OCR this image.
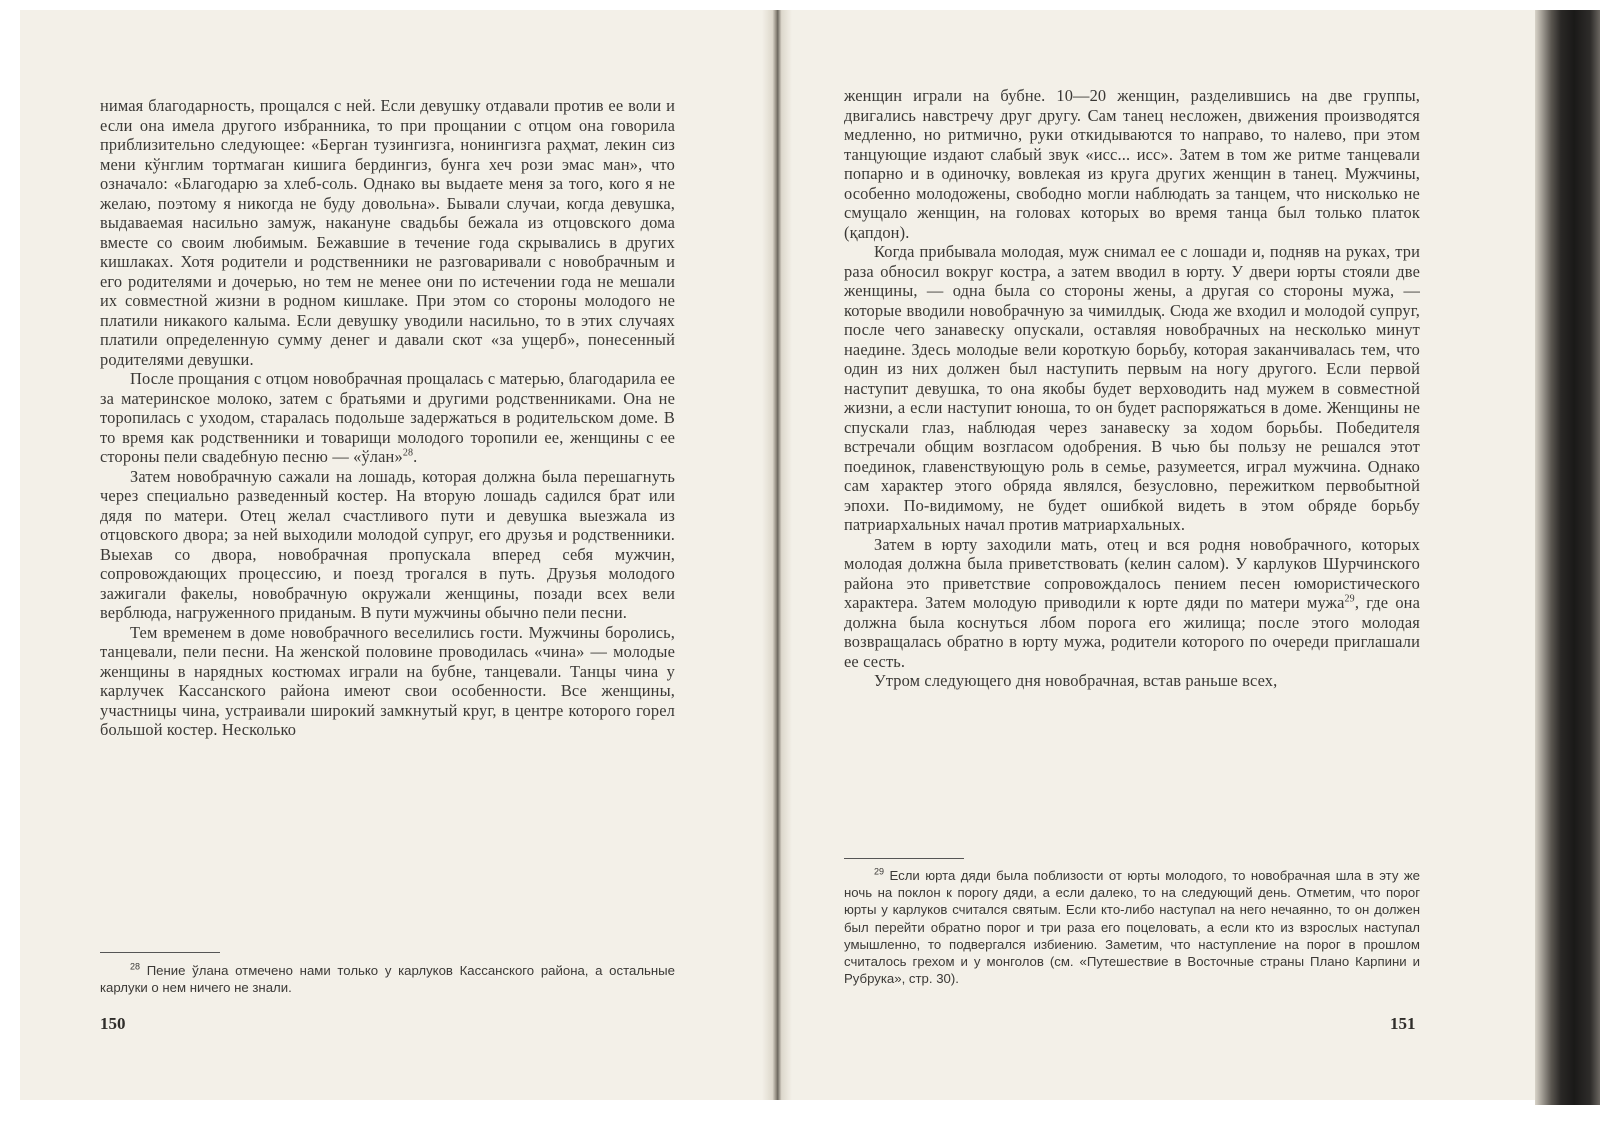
нимая благодарность, прощался с ней. Если девушку отдавали против ее воли и если она имела другого избранника, то при прощании с отцом она говорила приблизительно следующее: «Берган тузингизга, нонингизга раҳмат, лекин сиз мени кўнглим тортмаган кишига бердингиз, бунга хеч рози эмас ман», что означало: «Благодарю за хлеб-соль. Однако вы выдаете меня за того, кого я не желаю, поэтому я никогда не буду довольна». Бывали случаи, когда девушка, выдаваемая насильно замуж, накануне свадьбы бежала из отцовского дома вместе со своим любимым. Бежавшие в течение года скрывались в других кишлаках. Хотя родители и родственники не разговаривали с новобрачным и его родителями и дочерью, но тем не менее они по истечении года не мешали их совместной жизни в родном кишлаке. При этом со стороны молодого не платили никакого калыма. Если девушку уводили насильно, то в этих случаях платили определенную сумму денег и давали скот «за ущерб», понесенный родителями девушки.

После прощания с отцом новобрачная прощалась с матерью, благодарила ее за материнское молоко, затем с братьями и другими родственниками. Она не торопилась с уходом, старалась подольше задержаться в родительском доме. В то время как родственники и товарищи молодого торопили ее, женщины с ее стороны пели свадебную песню — «ўлан»$^{28}$.

Затем новобрачную сажали на лошадь, которая должна была перешагнуть через специально разведенный костер. На вторую лошадь садился брат или дядя по матери. Отец желал счастливого пути и девушка выезжала из отцовского двора; за ней выходили молодой супруг, его друзья и родственники. Выехав со двора, новобрачная пропускала вперед себя мужчин, сопровождающих процессию, и поезд трогался в путь. Друзья молодого зажигали факелы, новобрачную окружали женщины, позади всех вели верблюда, нагруженного приданым. В пути мужчины обычно пели песни.

Тем временем в доме новобрачного веселились гости. Мужчины боролись, танцевали, пели песни. На женской половине проводилась «чина» — молодые женщины в нарядных костюмах играли на бубне, танцевали. Танцы чина у карлучек Кассанского района имеют свои особенности. Все женщины, участницы чина, устраивали широкий замкнутый круг, в центре которого горел большой костер. Несколько

$^{28}$ Пение ўлана отмечено нами только у карлуков Кассанского района, а остальные карлуки о нем ничего не знали.

150

женщин играли на бубне. 10—20 женщин, разделившись на две группы, двигались навстречу друг другу. Сам танец несложен, движения производятся медленно, но ритмично, руки откидываются то направо, то налево, при этом танцующие издают слабый звук «исс... исс». Затем в том же ритме танцевали попарно и в одиночку, вовлекая из круга других женщин в танец. Мужчины, особенно молодожены, свободно могли наблюдать за танцем, что нисколько не смущало женщин, на головах которых во время танца был только платок (қапдон).

Когда прибывала молодая, муж снимал ее с лошади и, подняв на руках, три раза обносил вокруг костра, а затем вводил в юрту. У двери юрты стояли две женщины, — одна была со стороны жены, а другая со стороны мужа, — которые вводили новобрачную за чимилдық. Сюда же входил и молодой супруг, после чего занавеску опускали, оставляя новобрачных на несколько минут наедине. Здесь молодые вели короткую борьбу, которая заканчивалась тем, что один из них должен был наступить первым на ногу другого. Если первой наступит девушка, то она якобы будет верховодить над мужем в совместной жизни, а если наступит юноша, то он будет распоряжаться в доме. Женщины не спускали глаз, наблюдая через занавеску за ходом борьбы. Победителя встречали общим возгласом одобрения. В чью бы пользу не решался этот поединок, главенствующую роль в семье, разумеется, играл мужчина. Однако сам характер этого обряда являлся, безусловно, пережитком первобытной эпохи. По-видимому, не будет ошибкой видеть в этом обряде борьбу патриархальных начал против матриархальных.

Затем в юрту заходили мать, отец и вся родня новобрачного, которых молодая должна была приветствовать (келин салом). У карлуков Шурчинского района это приветствие сопровождалось пением песен юмористического характера. Затем молодую приводили к юрте дяди по матери мужа$^{29}$, где она должна была коснуться лбом порога его жилища; после этого молодая возвращалась обратно в юрту мужа, родители которого по очереди приглашали ее сесть.

Утром следующего дня новобрачная, встав раньше всех,

$^{29}$ Если юрта дяди была поблизости от юрты молодого, то новобрачная шла в эту же ночь на поклон к порогу дяди, а если далеко, то на следующий день. Отметим, что порог юрты у карлуков считался святым. Если кто-либо наступал на него нечаянно, то он должен был перейти обратно порог и три раза его поцеловать, а если кто из взрослых наступал умышленно, то подвергался избиению. Заметим, что наступление на порог в прошлом считалось грехом и у монголов (см. «Путешествие в Восточные страны Плано Карпини и Рубрука», стр. 30).

151
